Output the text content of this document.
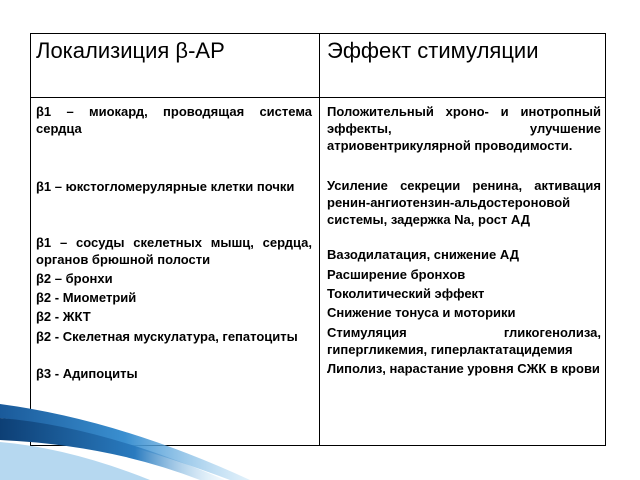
Локализиция β-АР	Эффект стимуляции
β1 – миокард, проводящая система сердца
β1 – юкстогломерулярные клетки почки
β1 – сосуды скелетных мышц, сердца, органов брюшной полости
β2 – бронхи
β2 - Миометрий
β2 - ЖКТ
β2 - Скелетная мускулатура, гепатоциты
β3 - Адипоциты
Положительный хроно- и инотропный эффекты, улучшение атриовентрикулярной проводимости.
Усиление секреции ренина, активация ренин-ангиотензин-альдостероновой системы, задержка Na, рост АД
Вазодилатация, снижение АД
Расширение бронхов
Токолитический эффект
Снижение тонуса и моторики
Стимуляция гликогенолиза, гипергликемия, гиперлактатацидемия
Липолиз, нарастание уровня СЖК в крови
